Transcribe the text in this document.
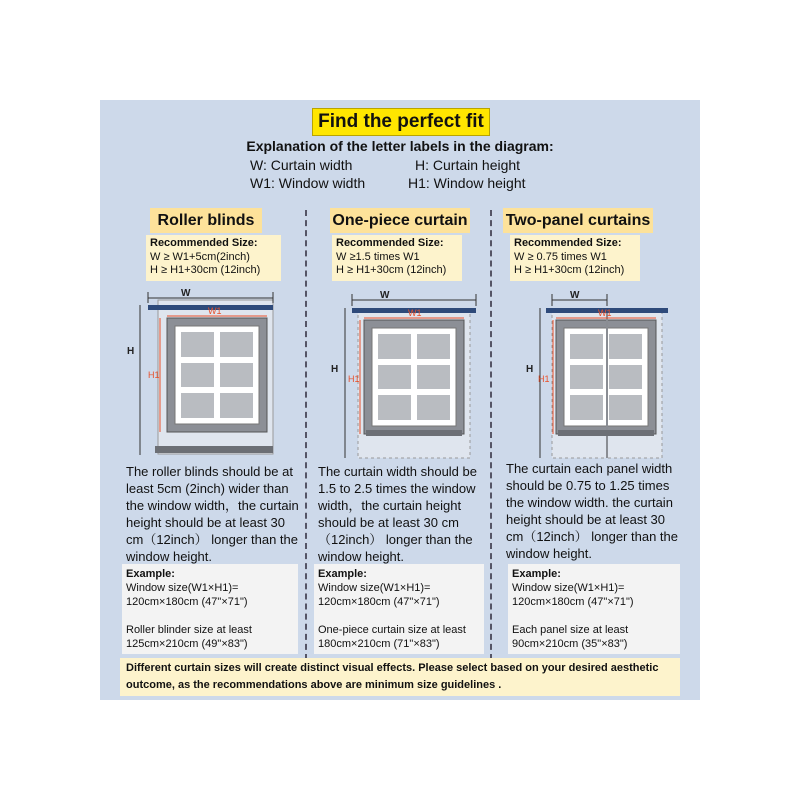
Find the perfect fit
Explanation of the letter labels in the diagram:
W: Curtain width	H: Curtain height
W1: Window width	H1: Window height
Roller blinds
Recommended Size:
W ≥ W1+5cm(2inch)
H ≥ H1+30cm (12inch)
One-piece curtain
Recommended Size:
W ≥1.5 times W1
H ≥ H1+30cm (12inch)
Two-panel curtains
Recommended Size:
W ≥ 0.75 times W1
H ≥ H1+30cm (12inch)
W
W1
H
H1
W
W1
H
H1
W
W1
H
H1
The roller blinds should be at least 5cm (2inch) wider than the window width，the curtain height should be at least 30 cm（12inch） longer than the window height.
The curtain width should be 1.5 to 2.5 times the window width，the curtain height should be at least 30 cm（12inch） longer than the window height.
The curtain each panel width should be 0.75 to 1.25 times the window width. the curtain height should be at least 30 cm（12inch） longer than the window height.
Example:
Window size(W1×H1)=
120cm×180cm (47"×71")
Roller blinder size at least
125cm×210cm (49"×83")
Example:
Window size(W1×H1)=
120cm×180cm (47"×71")
One-piece curtain size at least
180cm×210cm (71"×83")
Example:
Window size(W1×H1)=
120cm×180cm (47"×71")
Each panel size at least
90cm×210cm (35"×83")
Different curtain sizes will create distinct visual effects. Please select based on your desired aesthetic outcome, as the recommendations above are minimum size guidelines .
